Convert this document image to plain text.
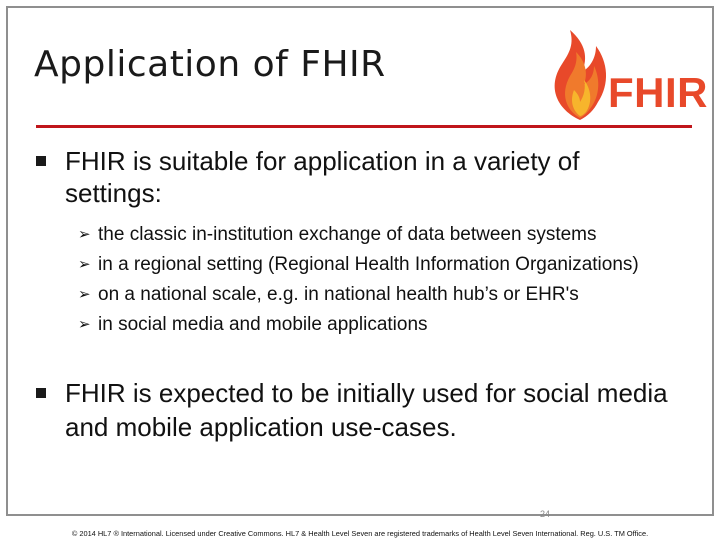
Application of FHIR
FHIR
FHIR is suitable for application in a variety of settings:
➢ the classic in-institution exchange of data between systems
➢ in a regional setting (Regional Health Information Organizations)
➢ on a national scale, e.g. in national health hub’s or EHR's
➢ in social media and mobile applications
FHIR is expected to be initially used for social media and mobile application use-cases.
24
© 2014 HL7 ® International. Licensed under Creative Commons. HL7 & Health Level Seven are registered trademarks of Health Level Seven International. Reg. U.S. TM Office.
